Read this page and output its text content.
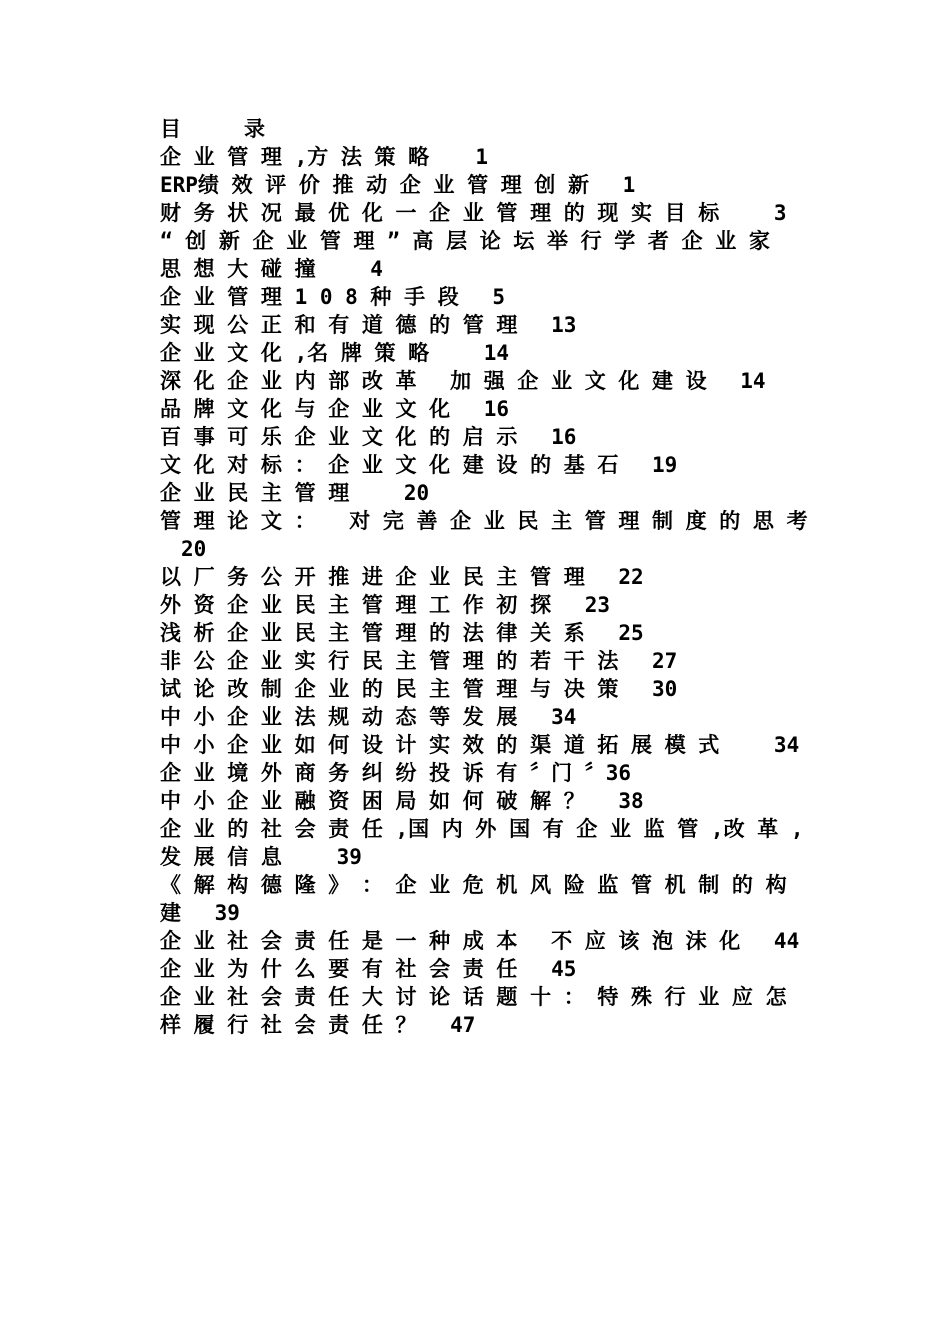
目　　　录
企 业 管 理 ,方 法 策 略 　 1
ERP绩 效 评 价 推 动 企 业 管 理 创 新 　1
财 务 状 况 最 优 化 一 企 业 管 理 的 现 实 目 标 　　3
“ 创 新 企 业 管 理 ” 高 层 论 坛 举 行 学 者 企 业 家
思 想 大 碰 撞 　　4
企 业 管 理 1 0 8 种 手 段 　5
实 现 公 正 和 有 道 德 的 管 理 　13
企 业 文 化 ,名 牌 策 略 　　14
深 化 企 业 内 部 改 革 　加 强 企 业 文 化 建 设 　14
品 牌 文 化 与 企 业 文 化 　16
百 事 可 乐 企 业 文 化 的 启 示 　16
文 化 对 标 ： 企 业 文 化 建 设 的 基 石 　19
企 业 民 主 管 理 　　20
管 理 论 文 ： 　对 完 善 企 业 民 主 管 理 制 度 的 思 考
　20
以 厂 务 公 开 推 进 企 业 民 主 管 理 　22
外 资 企 业 民 主 管 理 工 作 初 探 　23
浅 析 企 业 民 主 管 理 的 法 律 关 系 　25
非 公 企 业 实 行 民 主 管 理 的 若 干 法 　27
试 论 改 制 企 业 的 民 主 管 理 与 决 策 　30
中 小 企 业 法 规 动 态 等 发 展 　34
中 小 企 业 如 何 设 计 实 效 的 渠 道 拓 展 模 式 　　34
企 业 境 外 商 务 纠 纷 投 诉 有 〞门 〞36
中 小 企 业 融 资 困 局 如 何 破 解 ？ 　38
企 业 的 社 会 责 任 ,国 内 外 国 有 企 业 监 管 ,改 革 ,
发 展 信 息 　　39
《 解 构 德 隆 》 ： 企 业 危 机 风 险 监 管 机 制 的 构
建 　39
企 业 社 会 责 任 是 一 种 成 本 　不 应 该 泡 沫 化 　44
企 业 为 什 么 要 有 社 会 责 任 　45
企 业 社 会 责 任 大 讨 论 话 题 十 ： 特 殊 行 业 应 怎
样 履 行 社 会 责 任 ？ 　47
